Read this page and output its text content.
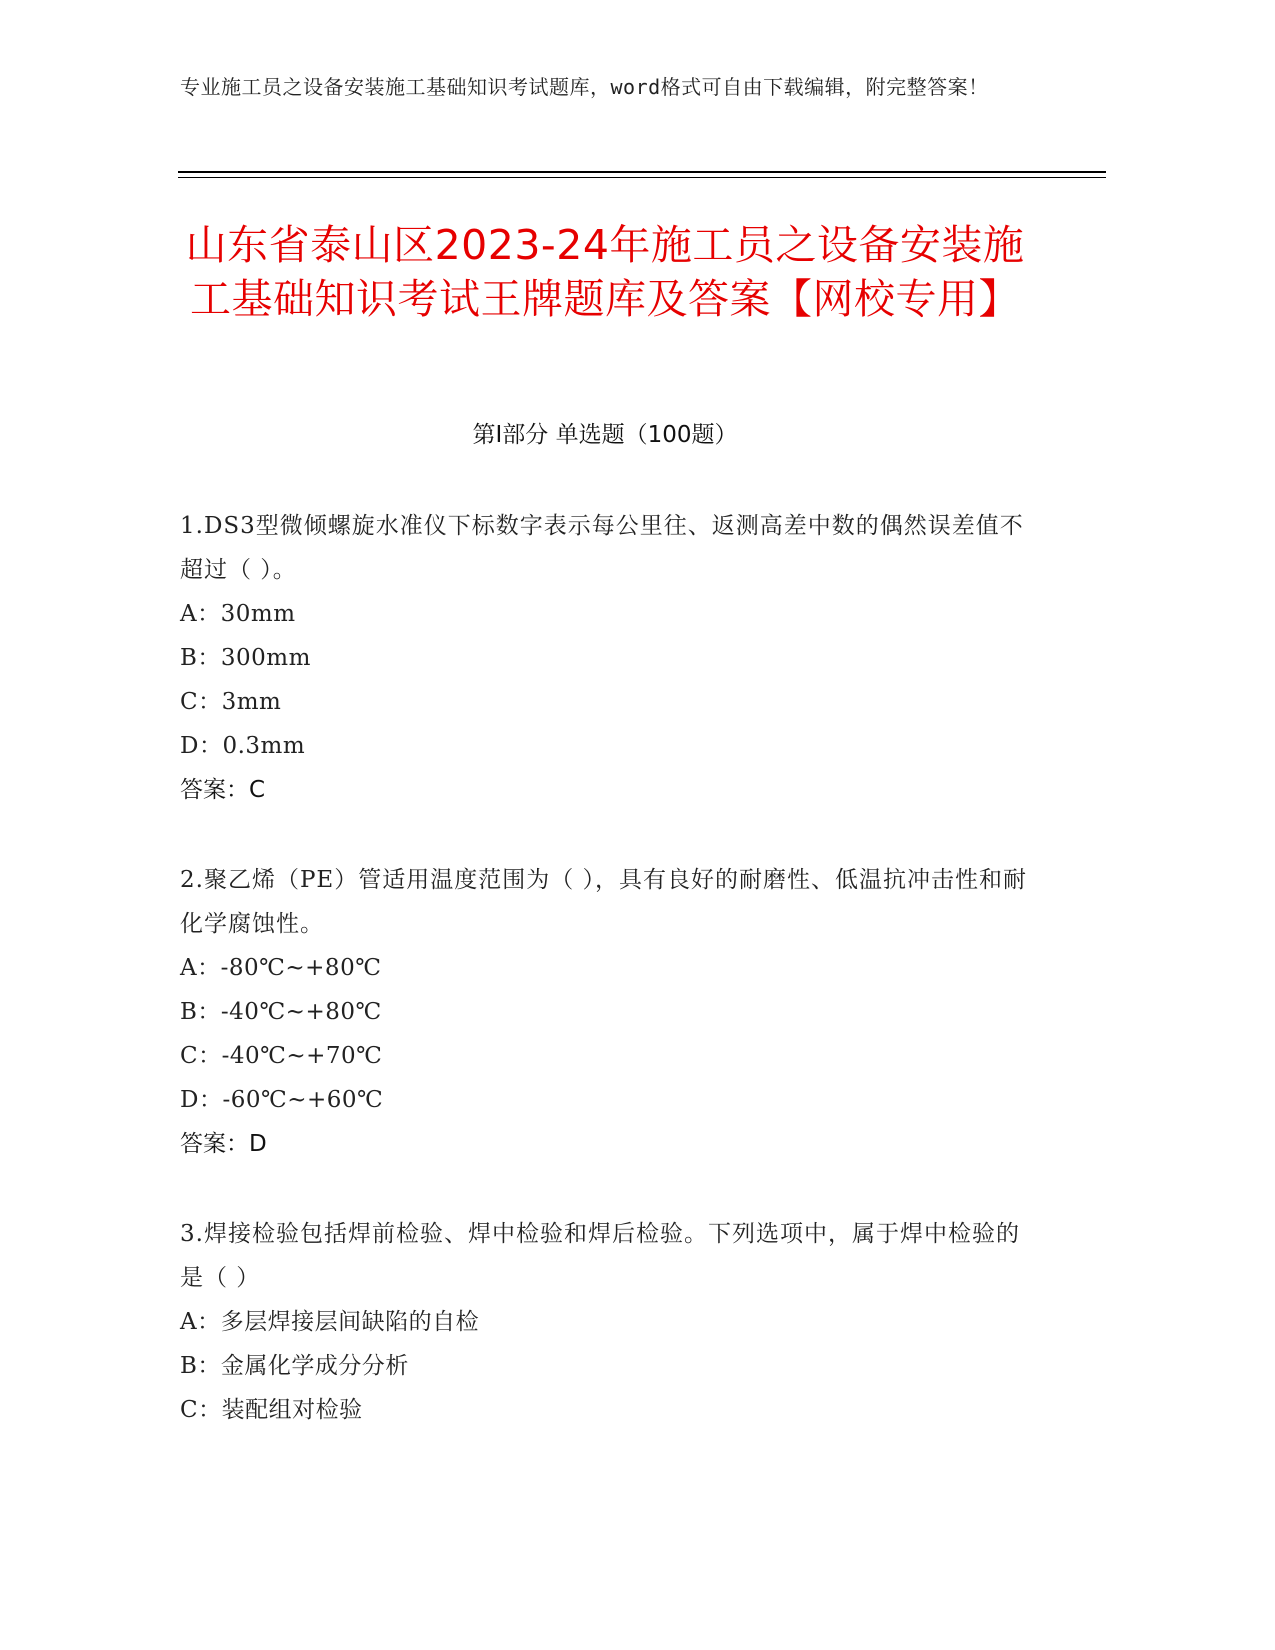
专业施工员之设备安装施工基础知识考试题库，word格式可自由下载编辑，附完整答案！
山东省泰山区2023-24年施工员之设备安装施工基础知识考试王牌题库及答案【网校专用】
第Ⅰ部分 单选题（100题）
1.DS3型微倾螺旋水准仪下标数字表示每公里往、返测高差中数的偶然误差值不超过（ ）。
A：30mm
B：300mm
C：3mm
D：0.3mm
答案：C
2.聚乙烯（PE）管适用温度范围为（ ），具有良好的耐磨性、低温抗冲击性和耐化学腐蚀性。
A：-80℃~+80℃
B：-40℃~+80℃
C：-40℃~+70℃
D：-60℃~+60℃
答案：D
3.焊接检验包括焊前检验、焊中检验和焊后检验。下列选项中，属于焊中检验的是（ ）
A：多层焊接层间缺陷的自检
B：金属化学成分分析
C：装配组对检验
